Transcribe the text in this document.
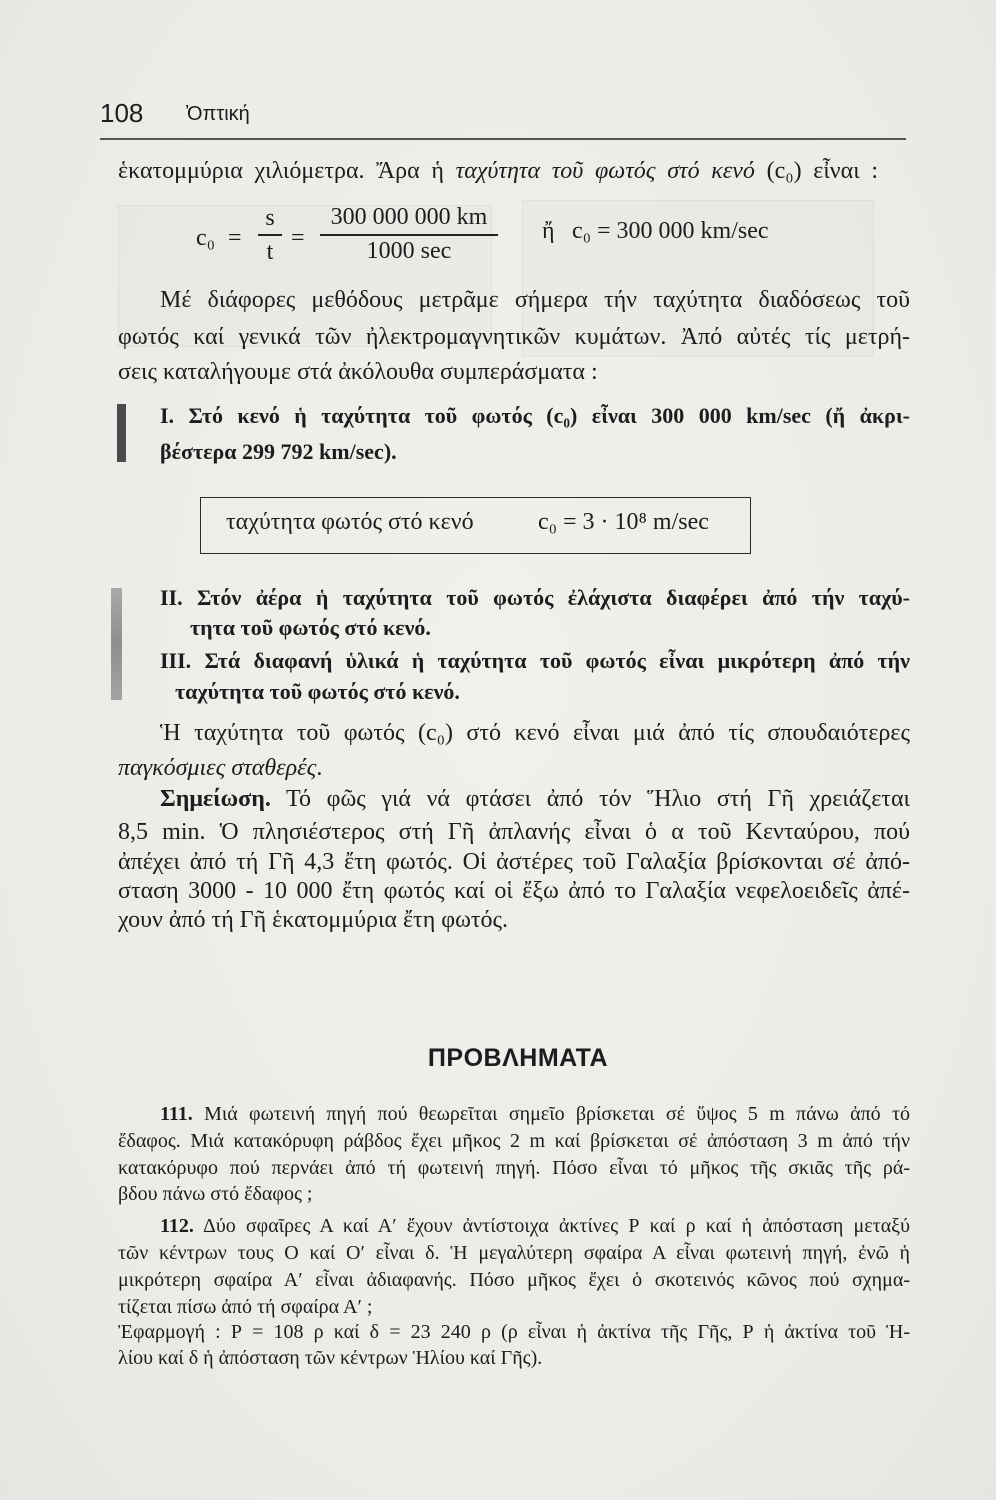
108 Ὀπτική
ἑκατομμύρια χιλιόμετρα. Ἄρα ἡ ταχύτητα τοῦ φωτός στό κενό (c₀) εἶναι :
c₀ =
s
t
=
300 000 000 km
1000 sec
ἤ c₀ = 300 000 km/sec
Μέ διάφορες μεθόδους μετρᾶμε σήμερα τήν ταχύτητα διαδόσεως τοῦ
φωτός καί γενικά τῶν ἠλεκτρομαγνητικῶν κυμάτων. Ἀπό αὐτές τίς μετρή-
σεις καταλήγουμε στά ἀκόλουθα συμπεράσματα :
I. Στό κενό ἡ ταχύτητα τοῦ φωτός (c₀) εἶναι 300 000 km/sec (ἤ ἀκρι-
βέστερα 299 792 km/sec).
ταχύτητα φωτός στό κενό	c₀ = 3 · 10⁸ m/sec
II. Στόν ἀέρα ἡ ταχύτητα τοῦ φωτός ἐλάχιστα διαφέρει ἀπό τήν ταχύ-
τητα τοῦ φωτός στό κενό.
III. Στά διαφανή ὑλικά ἡ ταχύτητα τοῦ φωτός εἶναι μικρότερη ἀπό τήν
ταχύτητα τοῦ φωτός στό κενό.
Ἡ ταχύτητα τοῦ φωτός (c₀) στό κενό εἶναι μιά ἀπό τίς σπουδαιότερες
παγκόσμιες σταθερές.
Σημείωση. Τό φῶς γιά νά φτάσει ἀπό τόν Ἥλιο στή Γῆ χρειάζεται
8,5 min. Ὁ πλησιέστερος στή Γῆ ἀπλανής εἶναι ὁ α τοῦ Κενταύρου, πού
ἀπέχει ἀπό τή Γῆ 4,3 ἔτη φωτός. Οἱ ἀστέρες τοῦ Γαλαξία βρίσκονται σέ ἀπό-
σταση 3000 - 10 000 ἔτη φωτός καί οἱ ἔξω ἀπό το Γαλαξία νεφελοειδεῖς ἀπέ-
χουν ἀπό τή Γῆ ἑκατομμύρια ἔτη φωτός.
ΠΡΟΒΛΗΜΑΤΑ
111. Μιά φωτεινή πηγή πού θεωρεῖται σημεῖο βρίσκεται σέ ὕψος 5 m πάνω ἀπό τό
ἔδαφος. Μιά κατακόρυφη ράβδος ἔχει μῆκος 2 m καί βρίσκεται σέ ἀπόσταση 3 m ἀπό τήν
κατακόρυφο πού περνάει ἀπό τή φωτεινή πηγή. Πόσο εἶναι τό μῆκος τῆς σκιᾶς τῆς ρά-
βδου πάνω στό ἔδαφος ;
112. Δύο σφαῖρες Α καί Α′ ἔχουν ἀντίστοιχα ἀκτίνες Ρ καί ρ καί ἡ ἀπόσταση μεταξύ
τῶν κέντρων τους Ο καί Ο′ εἶναι δ. Ἡ μεγαλύτερη σφαίρα Α εἶναι φωτεινή πηγή, ἐνῶ ἡ
μικρότερη σφαίρα Α′ εἶναι ἀδιαφανής. Πόσο μῆκος ἔχει ὁ σκοτεινός κῶνος πού σχημα-
τίζεται πίσω ἀπό τή σφαίρα Α′ ;
Ἐφαρμογή : Ρ = 108 ρ καί δ = 23 240 ρ (ρ εἶναι ἡ ἀκτίνα τῆς Γῆς, Ρ ἡ ἀκτίνα τοῦ Ἡ-
λίου καί δ ἡ ἀπόσταση τῶν κέντρων Ἡλίου καί Γῆς).
